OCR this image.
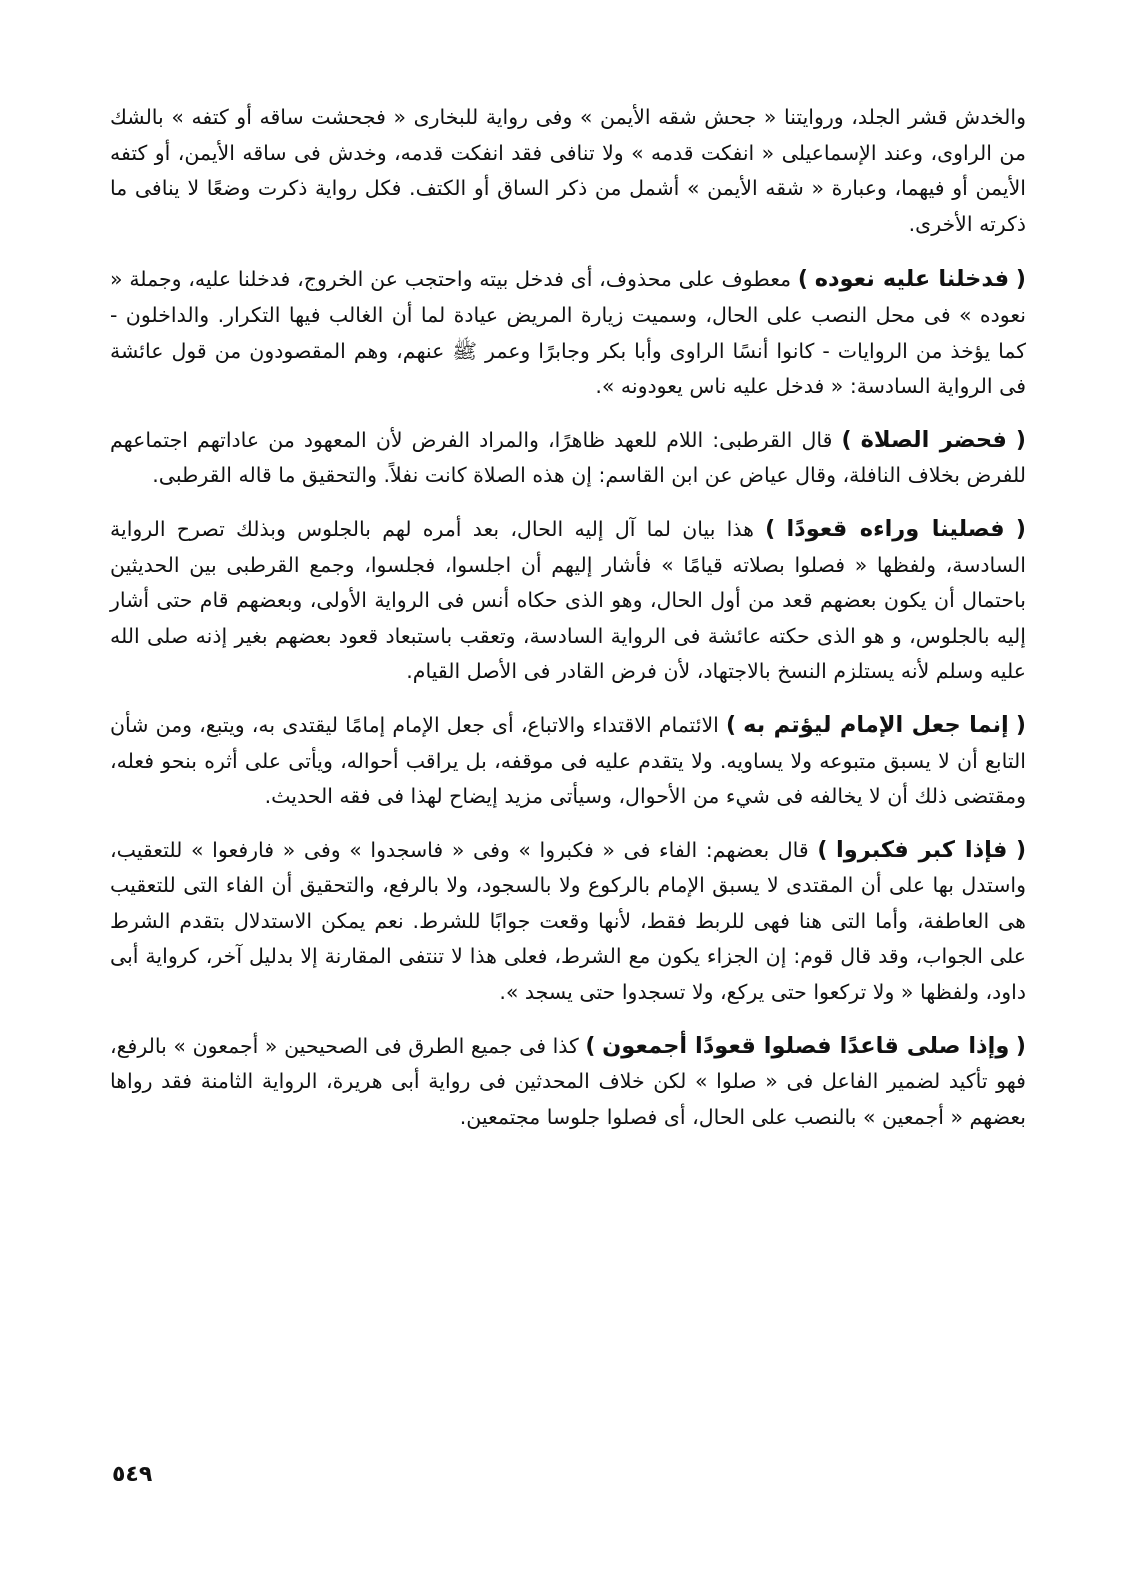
والخدش قشر الجلد، وروايتنا « جحش شقه الأيمن » وفى رواية للبخارى « فجحشت ساقه أو كتفه » بالشك من الراوى، وعند الإسماعيلى « انفكت قدمه » ولا تنافى فقد انفكت قدمه، وخدش فى ساقه الأيمن، أو كتفه الأيمن أو فيهما، وعبارة « شقه الأيمن » أشمل من ذكر الساق أو الكتف. فكل رواية ذكرت وضعًا لا ينافى ما ذكرته الأخرى.

( فدخلنا عليه نعوده ) معطوف على محذوف، أى فدخل بيته واحتجب عن الخروج، فدخلنا عليه، وجملة « نعوده » فى محل النصب على الحال، وسميت زيارة المريض عيادة لما أن الغالب فيها التكرار. والداخلون - كما يؤخذ من الروايات - كانوا أنسًا الراوى وأبا بكر وجابرًا وعمر ﷺ عنهم، وهم المقصودون من قول عائشة فى الرواية السادسة: « فدخل عليه ناس يعودونه ».

( فحضر الصلاة ) قال القرطبى: اللام للعهد ظاهرًا، والمراد الفرض لأن المعهود من عاداتهم اجتماعهم للفرض بخلاف النافلة، وقال عياض عن ابن القاسم: إن هذه الصلاة كانت نفلاً. والتحقيق ما قاله القرطبى.

( فصلينا وراءه قعودًا ) هذا بيان لما آل إليه الحال، بعد أمره لهم بالجلوس وبذلك تصرح الرواية السادسة، ولفظها « فصلوا بصلاته قيامًا » فأشار إليهم أن اجلسوا، فجلسوا، وجمع القرطبى بين الحديثين باحتمال أن يكون بعضهم قعد من أول الحال، وهو الذى حكاه أنس فى الرواية الأولى، وبعضهم قام حتى أشار إليه بالجلوس، و هو الذى حكته عائشة فى الرواية السادسة، وتعقب باستبعاد قعود بعضهم بغير إذنه صلى الله عليه وسلم لأنه يستلزم النسخ بالاجتهاد، لأن فرض القادر فى الأصل القيام.

( إنما جعل الإمام ليؤتم به ) الائتمام الاقتداء والاتباع، أى جعل الإمام إمامًا ليقتدى به، ويتبع، ومن شأن التابع أن لا يسبق متبوعه ولا يساويه. ولا يتقدم عليه فى موقفه، بل يراقب أحواله، ويأتى على أثره بنحو فعله، ومقتضى ذلك أن لا يخالفه فى شيء من الأحوال، وسيأتى مزيد إيضاح لهذا فى فقه الحديث.

( فإذا كبر فكبروا ) قال بعضهم: الفاء فى « فكبروا » وفى « فاسجدوا » وفى « فارفعوا » للتعقيب، واستدل بها على أن المقتدى لا يسبق الإمام بالركوع ولا بالسجود، ولا بالرفع، والتحقيق أن الفاء التى للتعقيب هى العاطفة، وأما التى هنا فهى للربط فقط، لأنها وقعت جوابًا للشرط. نعم يمكن الاستدلال بتقدم الشرط على الجواب، وقد قال قوم: إن الجزاء يكون مع الشرط، فعلى هذا لا تنتفى المقارنة إلا بدليل آخر، كرواية أبى داود، ولفظها « ولا تركعوا حتى يركع، ولا تسجدوا حتى يسجد ».

( وإذا صلى قاعدًا فصلوا قعودًا أجمعون ) كذا فى جميع الطرق فى الصحيحين « أجمعون » بالرفع، فهو تأكيد لضمير الفاعل فى « صلوا » لكن خلاف المحدثين فى رواية أبى هريرة، الرواية الثامنة فقد رواها بعضهم « أجمعين » بالنصب على الحال، أى فصلوا جلوسا مجتمعين.

٥٤٩
